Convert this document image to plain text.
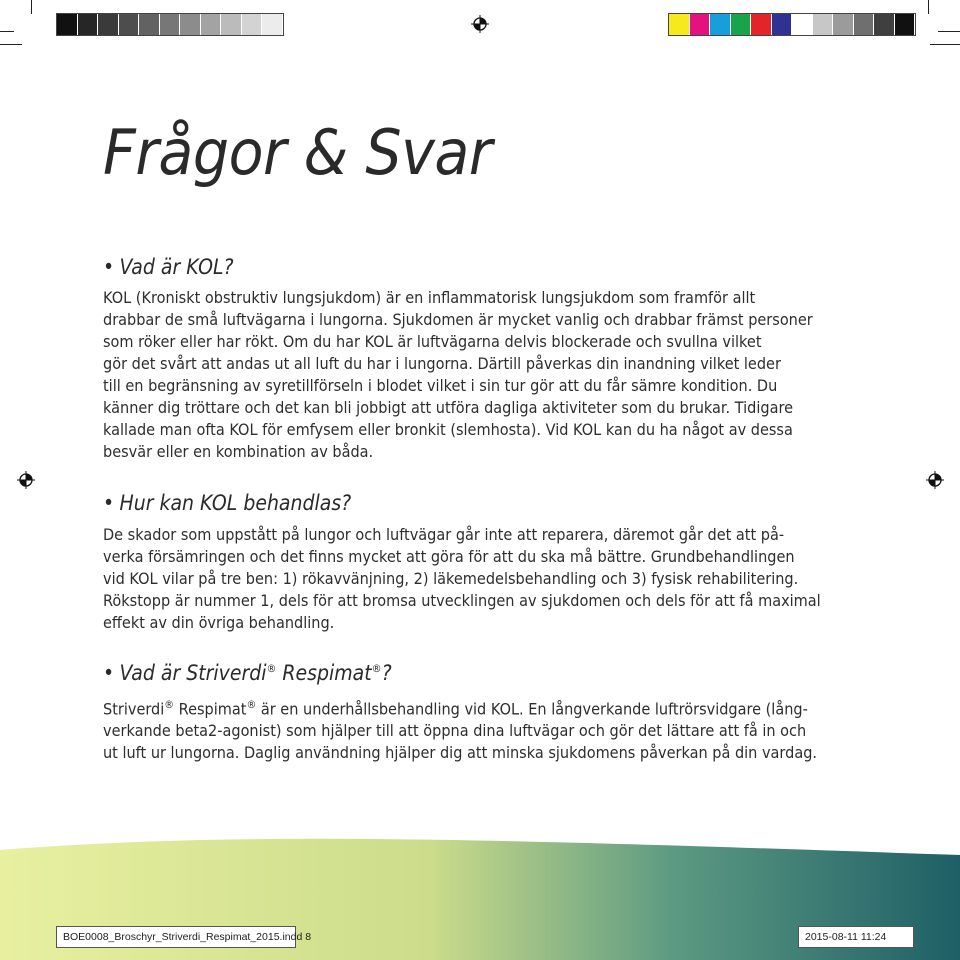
Frågor & Svar
• Vad är KOL?
KOL (Kroniskt obstruktiv lungsjukdom) är en inflammatorisk lungsjukdom som framför allt
drabbar de små luftvägarna i lungorna. Sjukdomen är mycket vanlig och drabbar främst personer
som röker eller har rökt. Om du har KOL är luftvägarna delvis blockerade och svullna vilket
gör det svårt att andas ut all luft du har i lungorna. Därtill påverkas din inandning vilket leder
till en begränsning av syretillförseln i blodet vilket i sin tur gör att du får sämre kondition. Du
känner dig tröttare och det kan bli jobbigt att utföra dagliga aktiviteter som du brukar. Tidigare
kallade man ofta KOL för emfysem eller bronkit (slemhosta). Vid KOL kan du ha något av dessa
besvär eller en kombination av båda.
• Hur kan KOL behandlas?
De skador som uppstått på lungor och luftvägar går inte att reparera, däremot går det att på-
verka försämringen och det finns mycket att göra för att du ska må bättre. Grundbehandlingen
vid KOL vilar på tre ben: 1) rökavvänjning, 2) läkemedelsbehandling och 3) fysisk rehabilitering.
Rökstopp är nummer 1, dels för att bromsa utvecklingen av sjukdomen och dels för att få maximal
effekt av din övriga behandling.
• Vad är Striverdi® Respimat®?
Striverdi® Respimat® är en underhållsbehandling vid KOL. En långverkande luftrörsvidgare (lång-
verkande beta2-agonist) som hjälper till att öppna dina luftvägar och gör det lättare att få in och
ut luft ur lungorna. Daglig användning hjälper dig att minska sjukdomens påverkan på din vardag.
BOE0008_Broschyr_Striverdi_Respimat_2015.indd 8	2015-08-11 11:24
